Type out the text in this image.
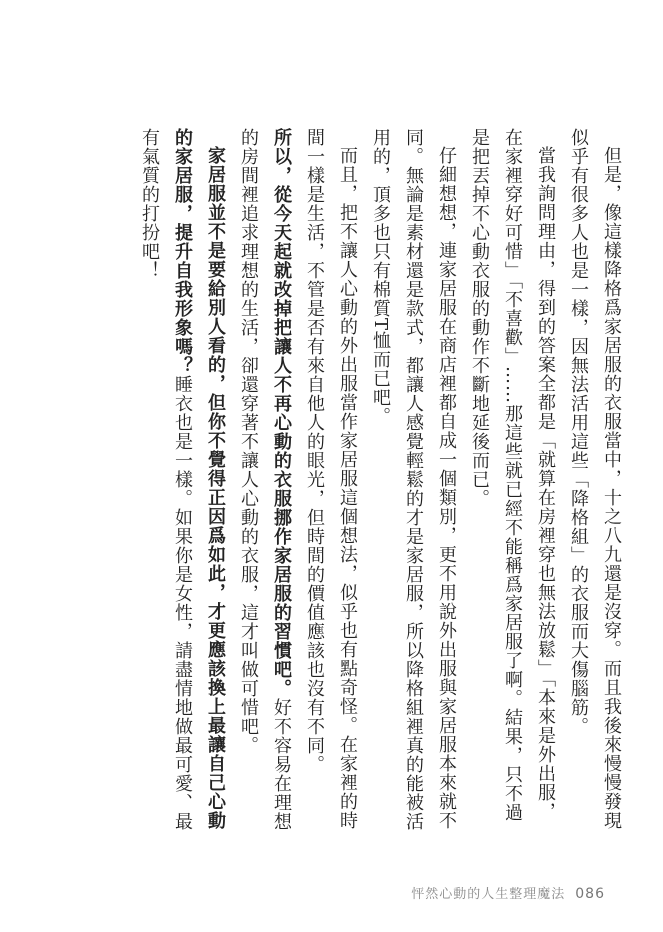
但是，像這樣降格爲家居服的衣服當中，十之八九還是沒穿。而且我後來慢慢發現似乎有很多人也是一樣，因無法活用這些「降格組」的衣服而大傷腦筋。

當我詢問理由，得到的答案全都是「就算在房裡穿也無法放鬆」「本來是外出服，在家裡穿好可惜」「不喜歡」……那這些就已經不能稱爲家居服了啊。結果，只不過是把丟掉不心動衣服的動作不斷地延後而已。

仔細想想，連家居服在商店裡都自成一個類別，更不用說外出服與家居服本來就不同。無論是素材還是款式，都讓人感覺輕鬆的才是家居服，所以降格組裡真的能被活用的，頂多也只有棉質T恤而已吧。

而且，把不讓人心動的外出服當作家居服這個想法，似乎也有點奇怪。在家裡的時間一樣是生活，不管是否有來自他人的眼光，但時間的價值應該也沒有不同。

所以，從今天起就改掉把讓人不再心動的衣服挪作家居服的習慣吧。好不容易在理想的房間裡追求理想的生活，卻還穿著不讓人心動的衣服，這才叫做可惜吧。

家居服並不是要給別人看的，但你不覺得正因爲如此，才更應該換上最讓自己心動的家居服，提升自我形象嗎？睡衣也是一樣。如果你是女性，請盡情地做最可愛、最有氣質的打扮吧！

怦然心動的人生整理魔法 086
